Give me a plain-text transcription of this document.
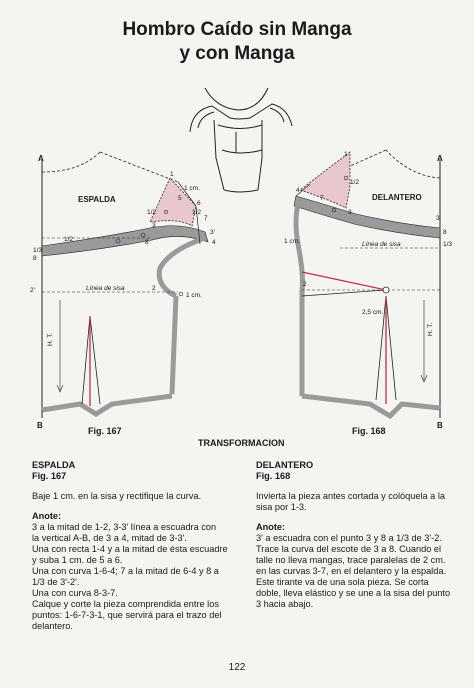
Hombro Caído sin Manga
y con Manga
A
B
ESPALDA
1
1 cm.
5
6
1/2	1/2
7
3
3'
4
8
1/2
1/3
8
2'	Línea de sisa	2
1 cm.
H. T.
Fig. 167
A
B
DELANTERO
1
1/2
4
7
3
3'
8
1/3
1 cm.	Línea de sisa
2
2,5 cm.
H. T.
Fig. 168
TRANSFORMACION

ESPALDA

Fig. 167

Baje 1 cm. en la sisa y rectifique la curva.

Anote:

3 a la mitad de 1-2, 3-3' línea a escuadra con

la vertical A-B, de 3 a 4, mitad de 3-3'.

Una con recta 1-4 y a la mitad de ésta escuadre

y suba 1 cm. de 5 a 6.

Una con curva 1-6-4; 7 a la mitad de 6-4 y 8 a

1/3 de 3'-2'.

Una con curva 8-3-7.

Calque y corte la pieza comprendida entre los

puntos: 1-6-7-3-1, que servirá para el trazo del

delantero.

DELANTERO

Fig. 168

Invierta la pieza antes cortada y colóquela a la

sisa por 1-3.

Anote:

3' a escuadra con el punto 3 y 8 a 1/3 de 3'-2.

Trace la curva del escote de 3 a 8. Cuando el

talle no lleva mangas, trace paralelas de 2 cm.

en las curvas 3-7, en el delantero y la espalda.

Este tirante va de una sola pieza. Se corta

doble, lleva elástico y se une a la sisa del punto

3 hacia abajo.

122
